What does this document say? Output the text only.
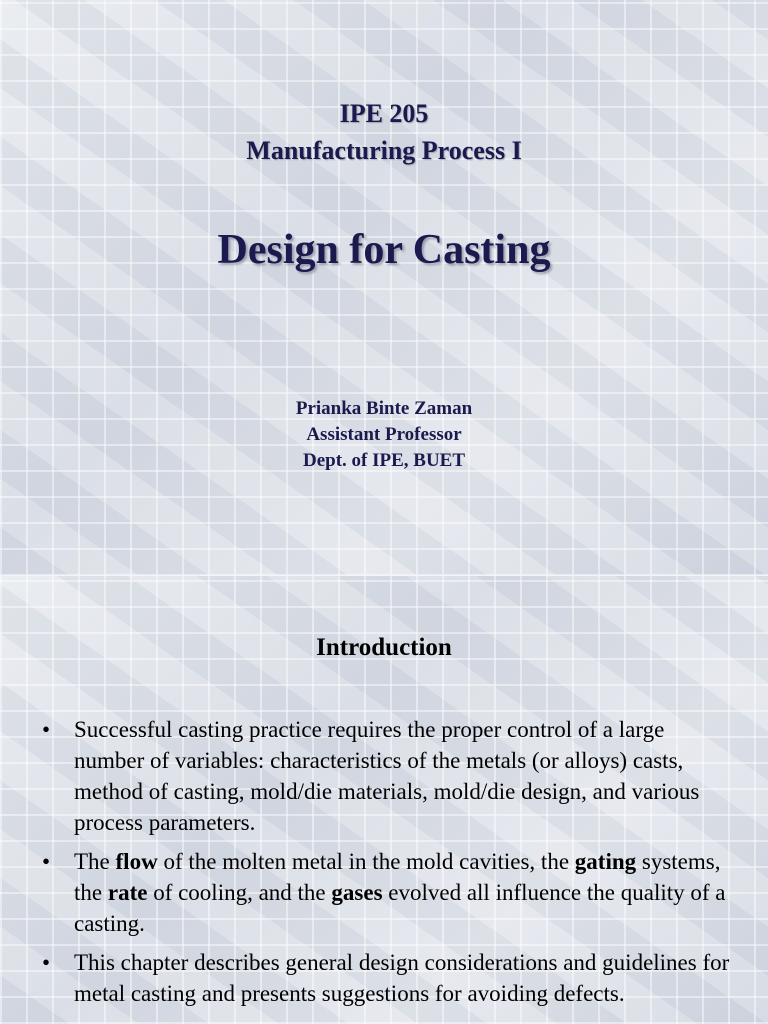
IPE 205
Manufacturing Process I
Design for Casting
Prianka Binte Zaman
Assistant Professor
Dept. of IPE, BUET
Introduction
• Successful casting practice requires the proper control of a large number of variables: characteristics of the metals (or alloys) casts, method of casting, mold/die materials, mold/die design, and various process parameters.
• The flow of the molten metal in the mold cavities, the gating systems, the rate of cooling, and the gases evolved all influence the quality of a casting.
• This chapter describes general design considerations and guidelines for metal casting and presents suggestions for avoiding defects.
